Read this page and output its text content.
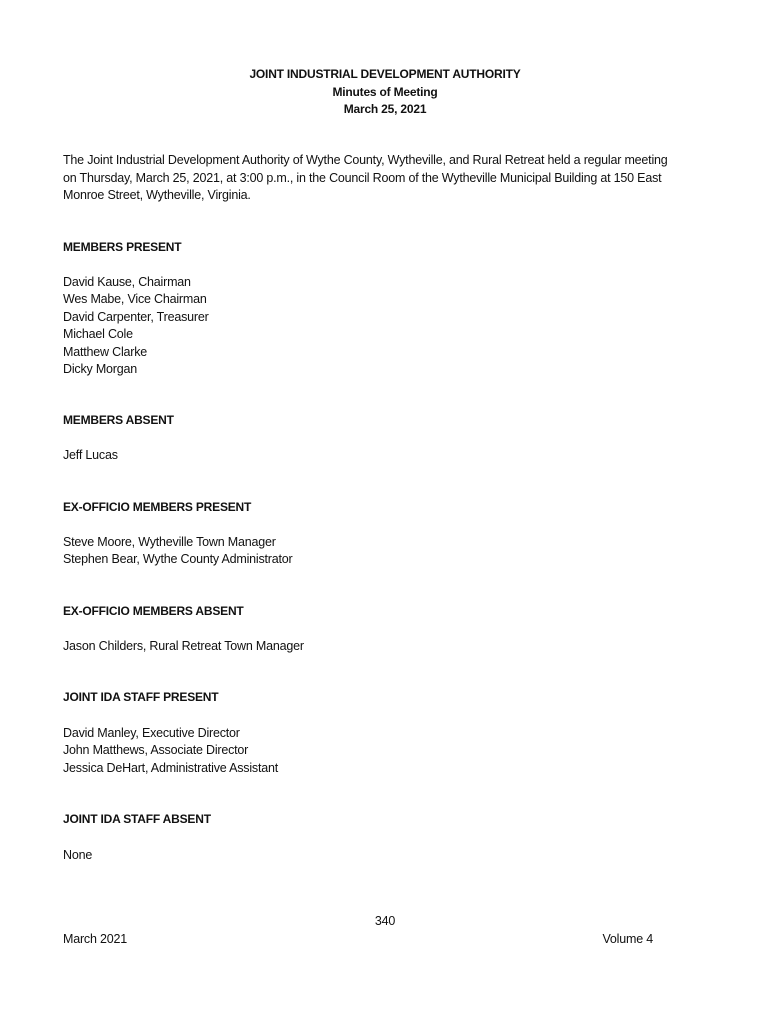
JOINT INDUSTRIAL DEVELOPMENT AUTHORITY
Minutes of Meeting
March 25, 2021

The Joint Industrial Development Authority of Wythe County, Wytheville, and Rural Retreat held a regular meeting on Thursday, March 25, 2021, at 3:00 p.m., in the Council Room of the Wytheville Municipal Building at 150 East Monroe Street, Wytheville, Virginia.

MEMBERS PRESENT
David Kause, Chairman
Wes Mabe, Vice Chairman
David Carpenter, Treasurer
Michael Cole
Matthew Clarke
Dicky Morgan
MEMBERS ABSENT
Jeff Lucas
EX-OFFICIO MEMBERS PRESENT
Steve Moore, Wytheville Town Manager
Stephen Bear, Wythe County Administrator
EX-OFFICIO MEMBERS ABSENT
Jason Childers, Rural Retreat Town Manager
JOINT IDA STAFF PRESENT
David Manley, Executive Director
John Matthews, Associate Director
Jessica DeHart, Administrative Assistant
JOINT IDA STAFF ABSENT
None
340
March 2021	Volume 4
